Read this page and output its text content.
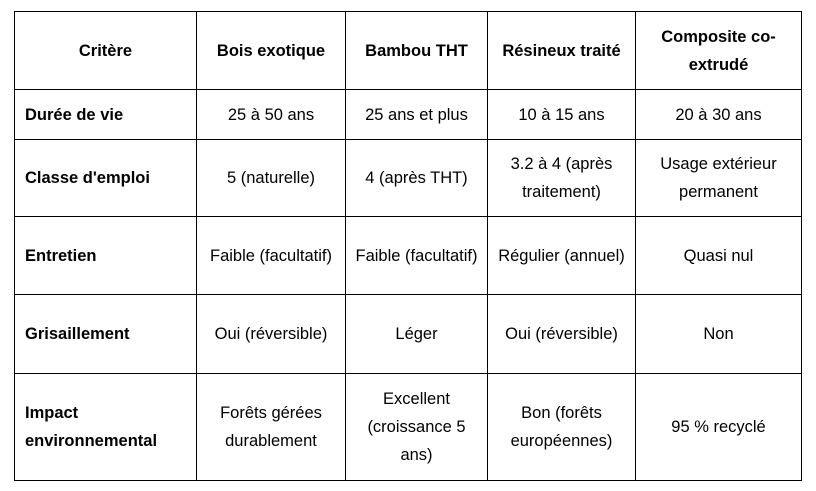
Critère	Bois exotique	Bambou THT	Résineux traité	Composite co-extrudé
Durée de vie	25 à 50 ans	25 ans et plus	10 à 15 ans	20 à 30 ans
Classe d'emploi	5 (naturelle)	4 (après THT)	3.2 à 4 (après traitement)	Usage extérieur permanent
Entretien	Faible (facultatif)	Faible (facultatif)	Régulier (annuel)	Quasi nul
Grisaillement	Oui (réversible)	Léger	Oui (réversible)	Non
Impact environnemental	Forêts gérées durablement	Excellent (croissance 5 ans)	Bon (forêts européennes)	95 % recyclé
